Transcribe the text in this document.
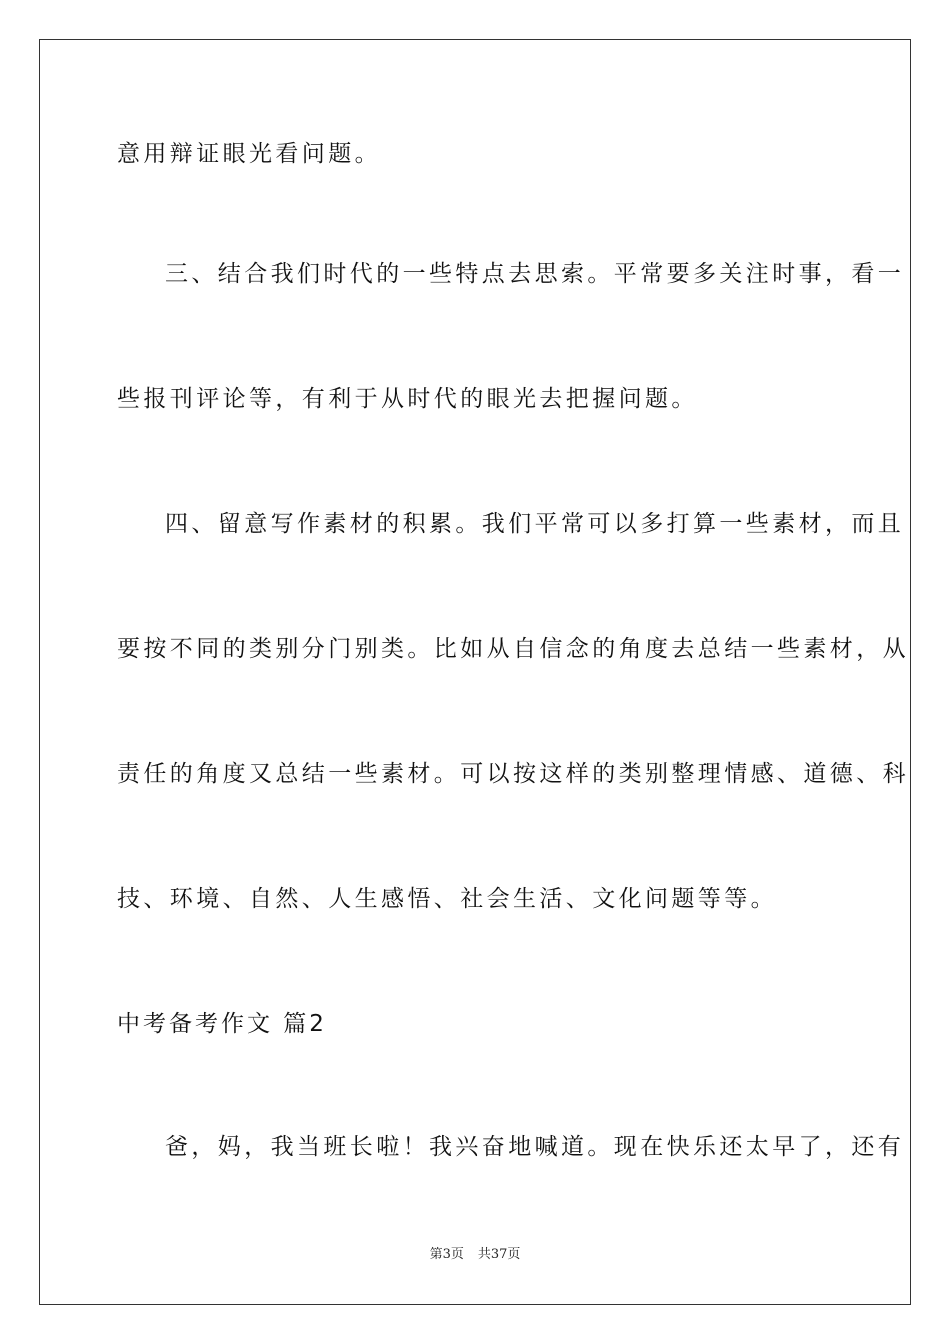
意用辩证眼光看问题。
三、结合我们时代的一些特点去思索。平常要多关注时事，看一
些报刊评论等，有利于从时代的眼光去把握问题。
四、留意写作素材的积累。我们平常可以多打算一些素材，而且
要按不同的类别分门别类。比如从自信念的角度去总结一些素材，从
责任的角度又总结一些素材。可以按这样的类别整理情感、道德、科
技、环境、自然、人生感悟、社会生活、文化问题等等。
中考备考作文 篇2
爸，妈，我当班长啦！我兴奋地喊道。现在快乐还太早了，还有
第3页 共37页
